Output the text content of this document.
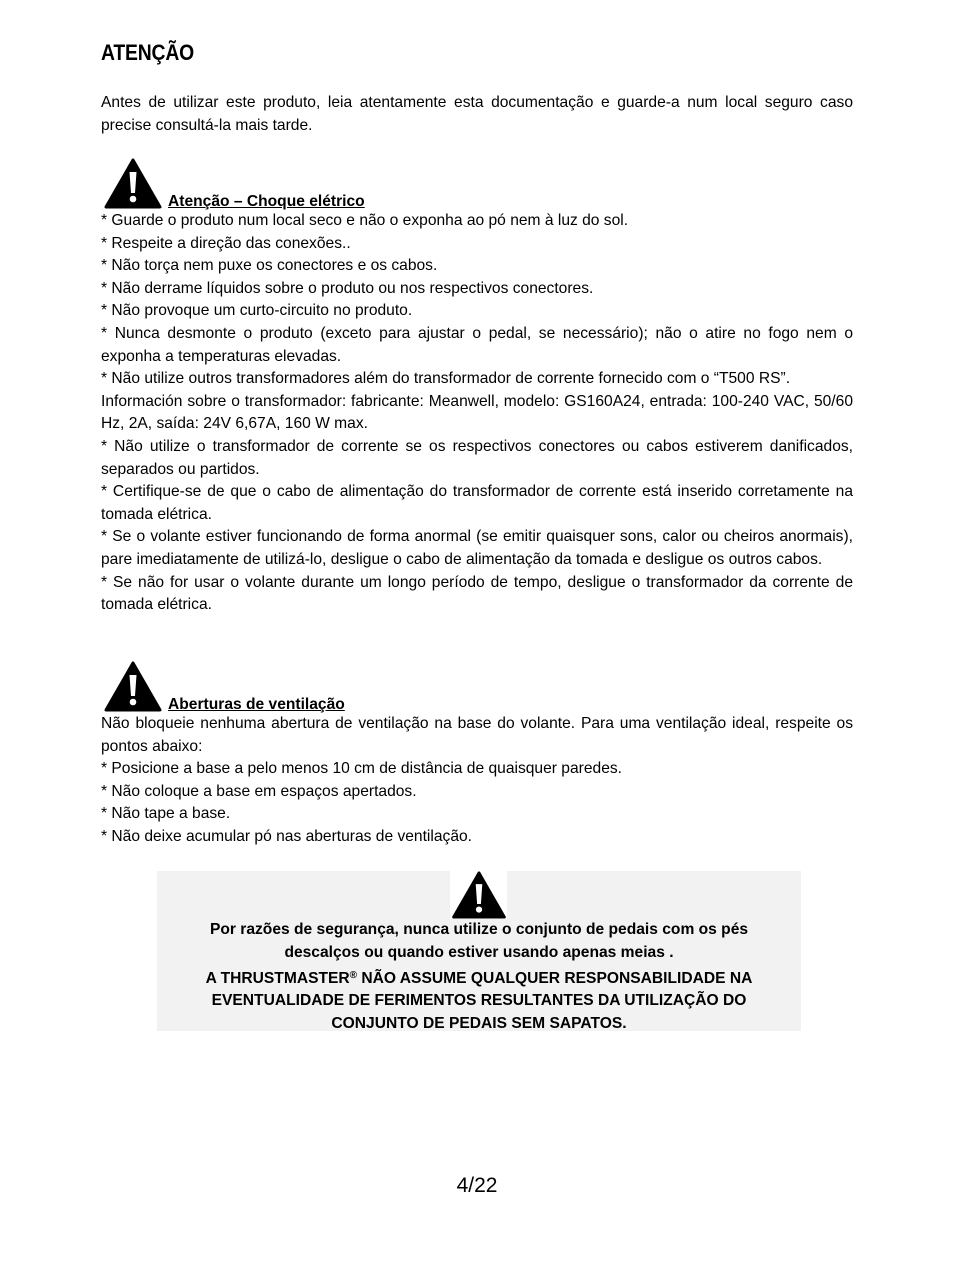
ATENÇÃO
Antes de utilizar este produto, leia atentamente esta documentação e guarde-a num local seguro caso precise consultá-la mais tarde.
Atenção – Choque elétrico
* Guarde o produto num local seco e não o exponha ao pó nem à luz do sol.
* Respeite a direção das conexões..
* Não torça nem puxe os conectores e os cabos.
* Não derrame líquidos sobre o produto ou nos respectivos conectores.
* Não provoque um curto-circuito no produto.
* Nunca desmonte o produto (exceto para ajustar o pedal, se necessário); não o atire no fogo nem o exponha a temperaturas elevadas.
* Não utilize outros transformadores além do transformador de corrente fornecido com o “T500 RS”.
Información sobre o transformador: fabricante: Meanwell, modelo: GS160A24, entrada: 100-240 VAC, 50/60 Hz, 2A, saída: 24V 6,67A, 160 W max.
* Não utilize o transformador de corrente se os respectivos conectores ou cabos estiverem danificados, separados ou partidos.
* Certifique-se de que o cabo de alimentação do transformador de corrente está inserido corretamente na tomada elétrica.
* Se o volante estiver funcionando de forma anormal (se emitir quaisquer sons, calor ou cheiros anormais), pare imediatamente de utilizá-lo, desligue o cabo de alimentação da tomada e desligue os outros cabos.
* Se não for usar o volante durante um longo período de tempo, desligue o transformador da corrente de tomada elétrica.
Aberturas de ventilação
Não bloqueie nenhuma abertura de ventilação na base do volante. Para uma ventilação ideal, respeite os pontos abaixo:
* Posicione a base a pelo menos 10 cm de distância de quaisquer paredes.
* Não coloque a base em espaços apertados.
* Não tape a base.
* Não deixe acumular pó nas aberturas de ventilação.
Por razões de segurança, nunca utilize o conjunto de pedais com os pés descalços ou quando estiver usando apenas meias .
A THRUSTMASTER® NÃO ASSUME QUALQUER RESPONSABILIDADE NA EVENTUALIDADE DE FERIMENTOS RESULTANTES DA UTILIZAÇÃO DO CONJUNTO DE PEDAIS SEM SAPATOS.
4/22
